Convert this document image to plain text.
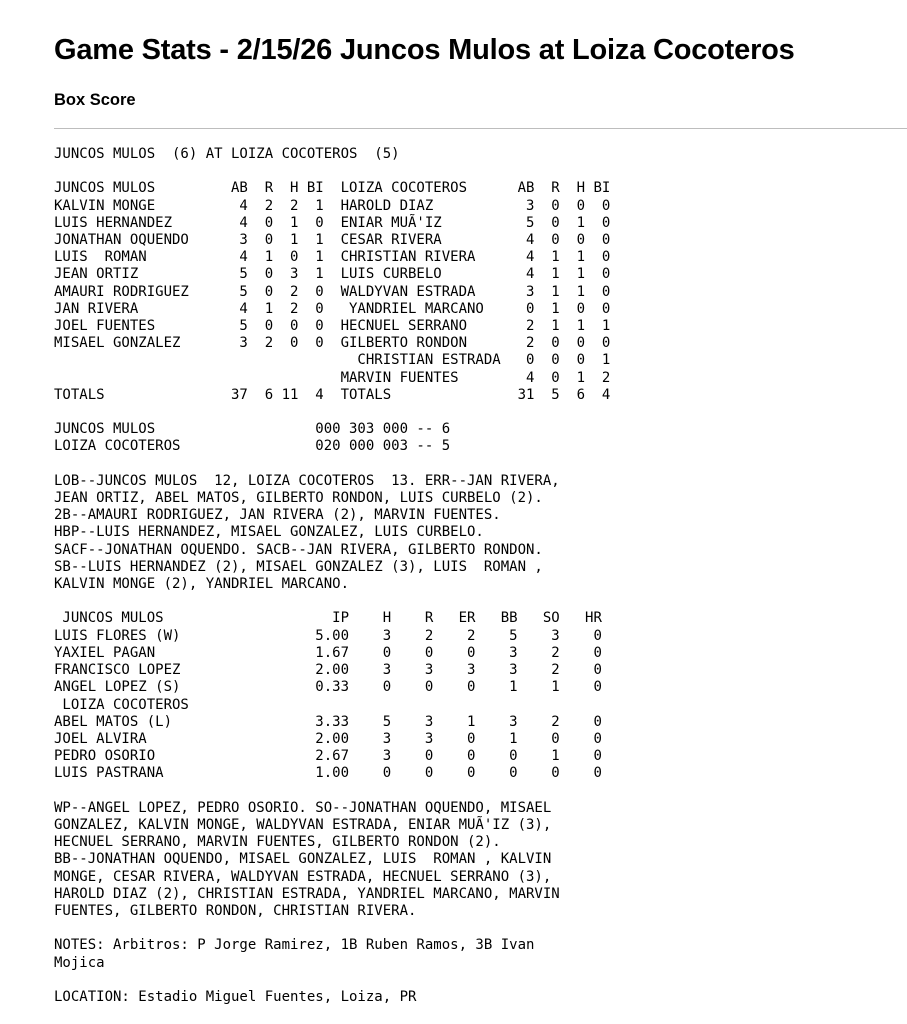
Game Stats - 2/15/26 Juncos Mulos at Loiza Cocoteros
Box Score
JUNCOS MULOS  (6) AT LOIZA COCOTEROS  (5)

JUNCOS MULOS         AB  R  H BI  LOIZA COCOTEROS      AB  R  H BI
KALVIN MONGE          4  2  2  1  HAROLD DIAZ           3  0  0  0
LUIS HERNANDEZ        4  0  1  0  ENIAR MUÃ'IZ          5  0  1  0
JONATHAN OQUENDO      3  0  1  1  CESAR RIVERA          4  0  0  0
LUIS  ROMAN           4  1  0  1  CHRISTIAN RIVERA      4  1  1  0
JEAN ORTIZ            5  0  3  1  LUIS CURBELO          4  1  1  0
AMAURI RODRIGUEZ      5  0  2  0  WALDYVAN ESTRADA      3  1  1  0
JAN RIVERA            4  1  2  0   YANDRIEL MARCANO     0  1  0  0
JOEL FUENTES          5  0  0  0  HECNUEL SERRANO       2  1  1  1
MISAEL GONZALEZ       3  2  0  0  GILBERTO RONDON       2  0  0  0
CHRISTIAN ESTRADA   0  0  0  1
MARVIN FUENTES        4  0  1  2
TOTALS               37  6 11  4  TOTALS               31  5  6  4

JUNCOS MULOS                   000 303 000 -- 6
LOIZA COCOTEROS                020 000 003 -- 5

LOB--JUNCOS MULOS  12, LOIZA COCOTEROS  13. ERR--JAN RIVERA,
JEAN ORTIZ, ABEL MATOS, GILBERTO RONDON, LUIS CURBELO (2).
2B--AMAURI RODRIGUEZ, JAN RIVERA (2), MARVIN FUENTES.
HBP--LUIS HERNANDEZ, MISAEL GONZALEZ, LUIS CURBELO.
SACF--JONATHAN OQUENDO. SACB--JAN RIVERA, GILBERTO RONDON.
SB--LUIS HERNANDEZ (2), MISAEL GONZALEZ (3), LUIS  ROMAN ,
KALVIN MONGE (2), YANDRIEL MARCANO.

JUNCOS MULOS                    IP    H    R   ER   BB   SO   HR
LUIS FLORES (W)                5.00    3    2    2    5    3    0
YAXIEL PAGAN                   1.67    0    0    0    3    2    0
FRANCISCO LOPEZ                2.00    3    3    3    3    2    0
ANGEL LOPEZ (S)                0.33    0    0    0    1    1    0
LOIZA COCOTEROS
ABEL MATOS (L)                 3.33    5    3    1    3    2    0
JOEL ALVIRA                    2.00    3    3    0    1    0    0
PEDRO OSORIO                   2.67    3    0    0    0    1    0
LUIS PASTRANA                  1.00    0    0    0    0    0    0

WP--ANGEL LOPEZ, PEDRO OSORIO. SO--JONATHAN OQUENDO, MISAEL
GONZALEZ, KALVIN MONGE, WALDYVAN ESTRADA, ENIAR MUÃ'IZ (3),
HECNUEL SERRANO, MARVIN FUENTES, GILBERTO RONDON (2).
BB--JONATHAN OQUENDO, MISAEL GONZALEZ, LUIS  ROMAN , KALVIN
MONGE, CESAR RIVERA, WALDYVAN ESTRADA, HECNUEL SERRANO (3),
HAROLD DIAZ (2), CHRISTIAN ESTRADA, YANDRIEL MARCANO, MARVIN
FUENTES, GILBERTO RONDON, CHRISTIAN RIVERA.

NOTES: Arbitros: P Jorge Ramirez, 1B Ruben Ramos, 3B Ivan
Mojica

LOCATION: Estadio Miguel Fuentes, Loiza, PR
